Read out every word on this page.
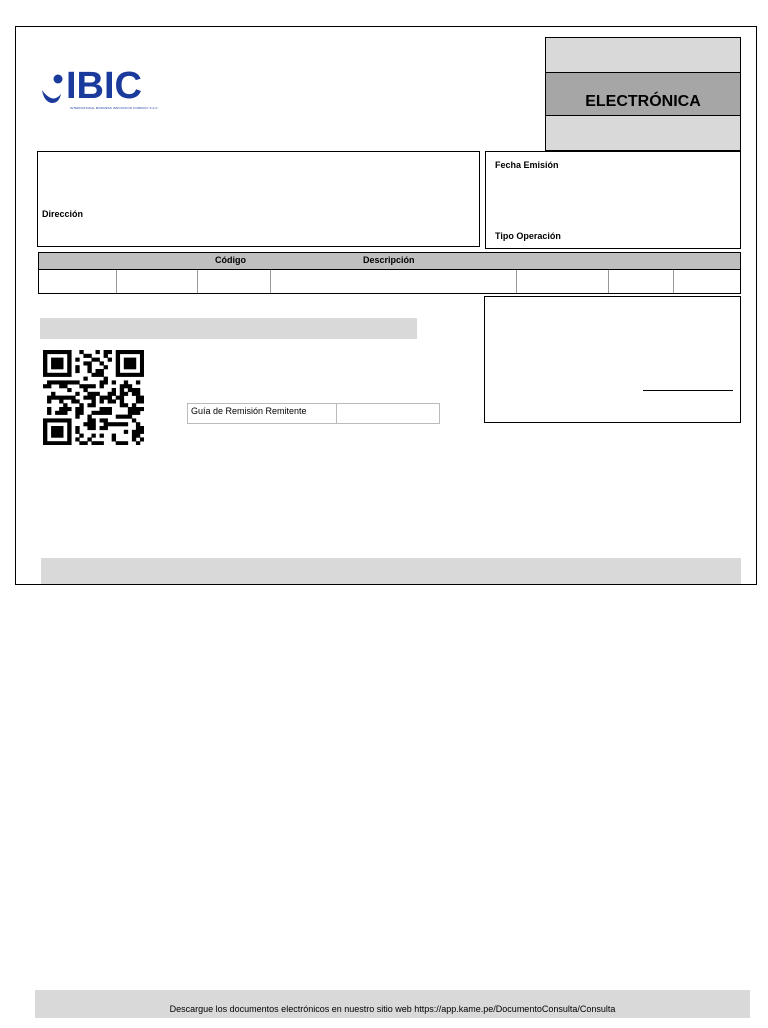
IBIC
INTERNATIONAL BUSINESS INNOVATION COMPANY S.A.C	ELECTRÓNICA
Dirección
Fecha Emisión
Tipo Operación
Código	Descripción
Guía de Remisión Remitente
Descargue los documentos electrónicos en nuestro sitio web https://app.kame.pe/DocumentoConsulta/Consulta
